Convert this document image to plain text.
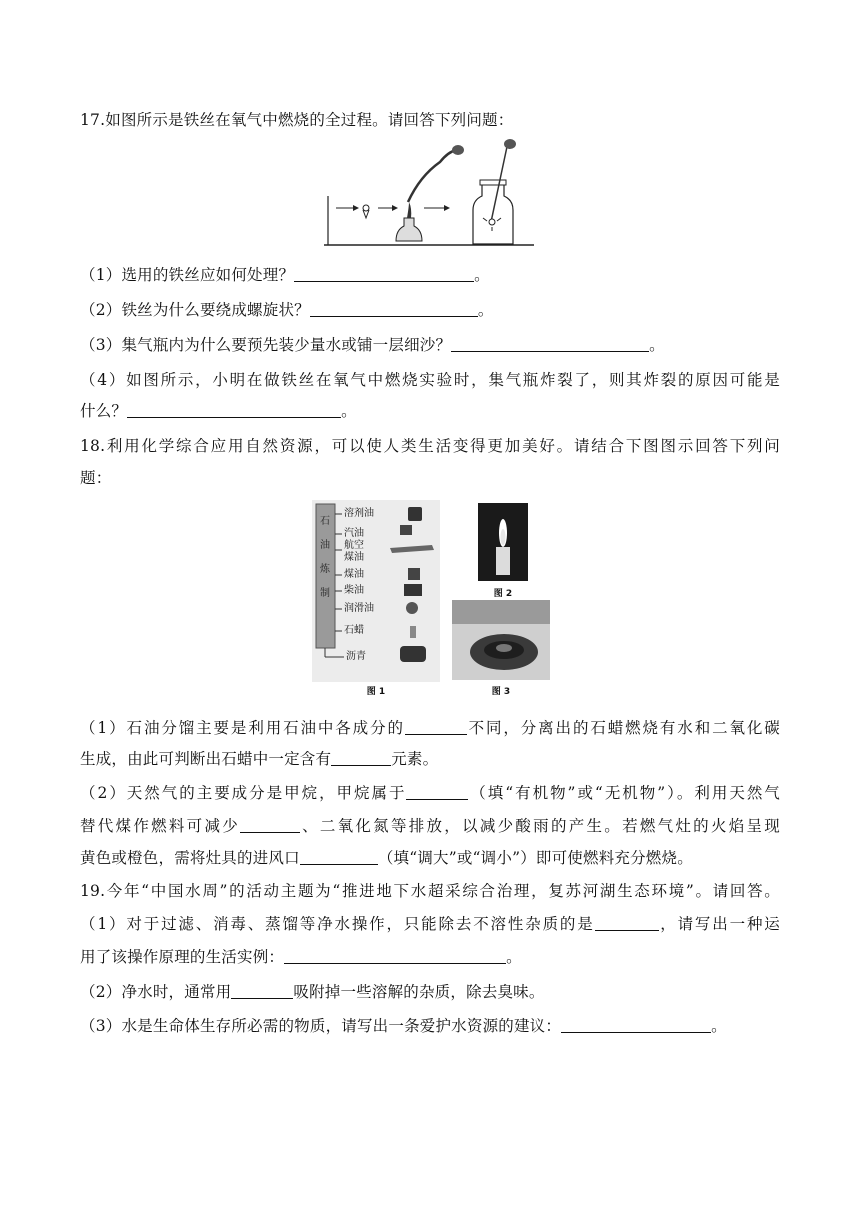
17.如图所示是铁丝在氧气中燃烧的全过程。请回答下列问题：
（1）选用的铁丝应如何处理？	。
（2）铁丝为什么要绕成螺旋状？	。
（3）集气瓶内为什么要预先装少量水或铺一层细沙？	。
（4）如图所示，小明在做铁丝在氧气中燃烧实验时，集气瓶炸裂了，则其炸裂的原因可能是
什么？	。
18.利用化学综合应用自然资源，可以使人类生活变得更加美好。请结合下图图示回答下列问
题：
石油炼制
溶剂油
汽油
航空煤油
煤油
柴油
润滑油
石蜡
沥青
图 1
图 2
图 3
（1）石油分馏主要是利用石油中各成分的	不同，分离出的石蜡燃烧有水和二氧化碳
生成，由此可判断出石蜡中一定含有	元素。
（2）天然气的主要成分是甲烷，甲烷属于	（填“有机物”或“无机物”）。利用天然气
替代煤作燃料可减少	、二氧化氮等排放，以减少酸雨的产生。若燃气灶的火焰呈现
黄色或橙色，需将灶具的进风口	（填“调大”或“调小”）即可使燃料充分燃烧。
19.今年“中国水周”的活动主题为“推进地下水超采综合治理，复苏河湖生态环境”。请回答。
（1）对于过滤、消毒、蒸馏等净水操作，只能除去不溶性杂质的是	，请写出一种运
用了该操作原理的生活实例：	。
（2）净水时，通常用	吸附掉一些溶解的杂质，除去臭味。
（3）水是生命体生存所必需的物质，请写出一条爱护水资源的建议：	。
